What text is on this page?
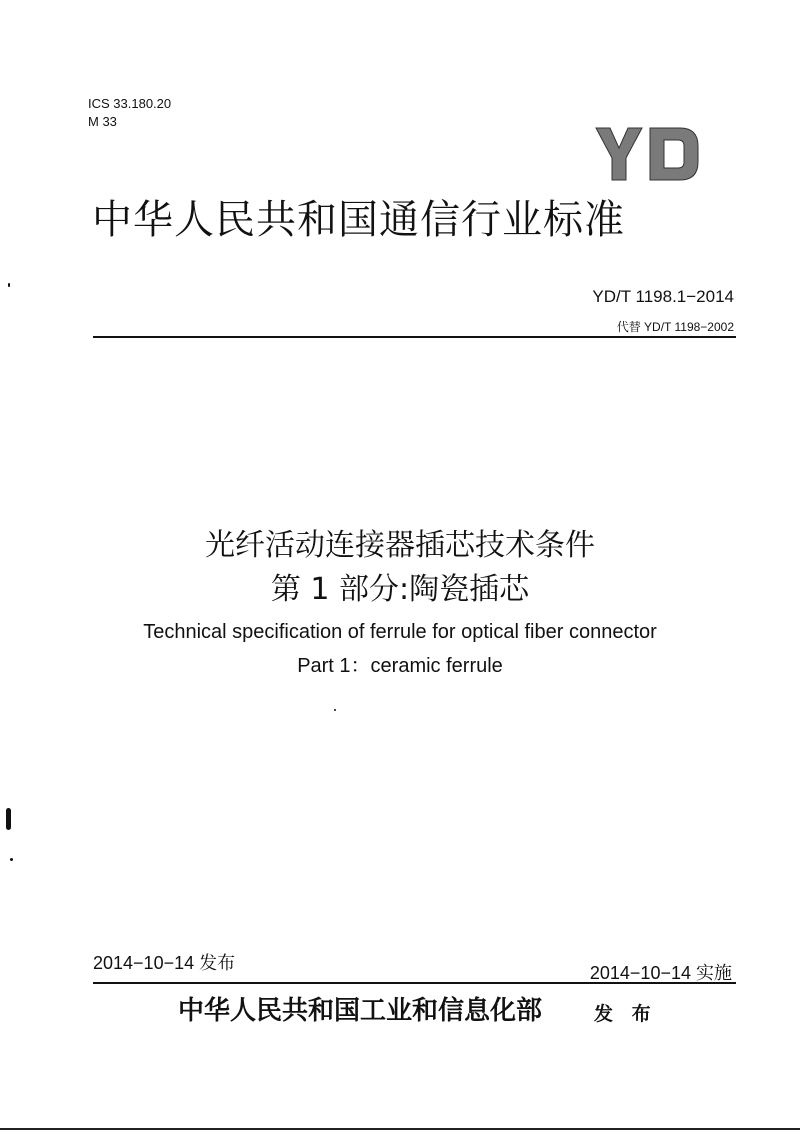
ICS 33.180.20
M 33
中华人民共和国通信行业标准
YD/T 1198.1−2014
代替 YD/T 1198−2002
光纤活动连接器插芯技术条件
第 1 部分:陶瓷插芯
Technical specification of ferrule for optical fiber connector
Part 1：ceramic ferrule
2014−10−14 发布	2014−10−14 实施
中华人民共和国工业和信息化部	发 布
